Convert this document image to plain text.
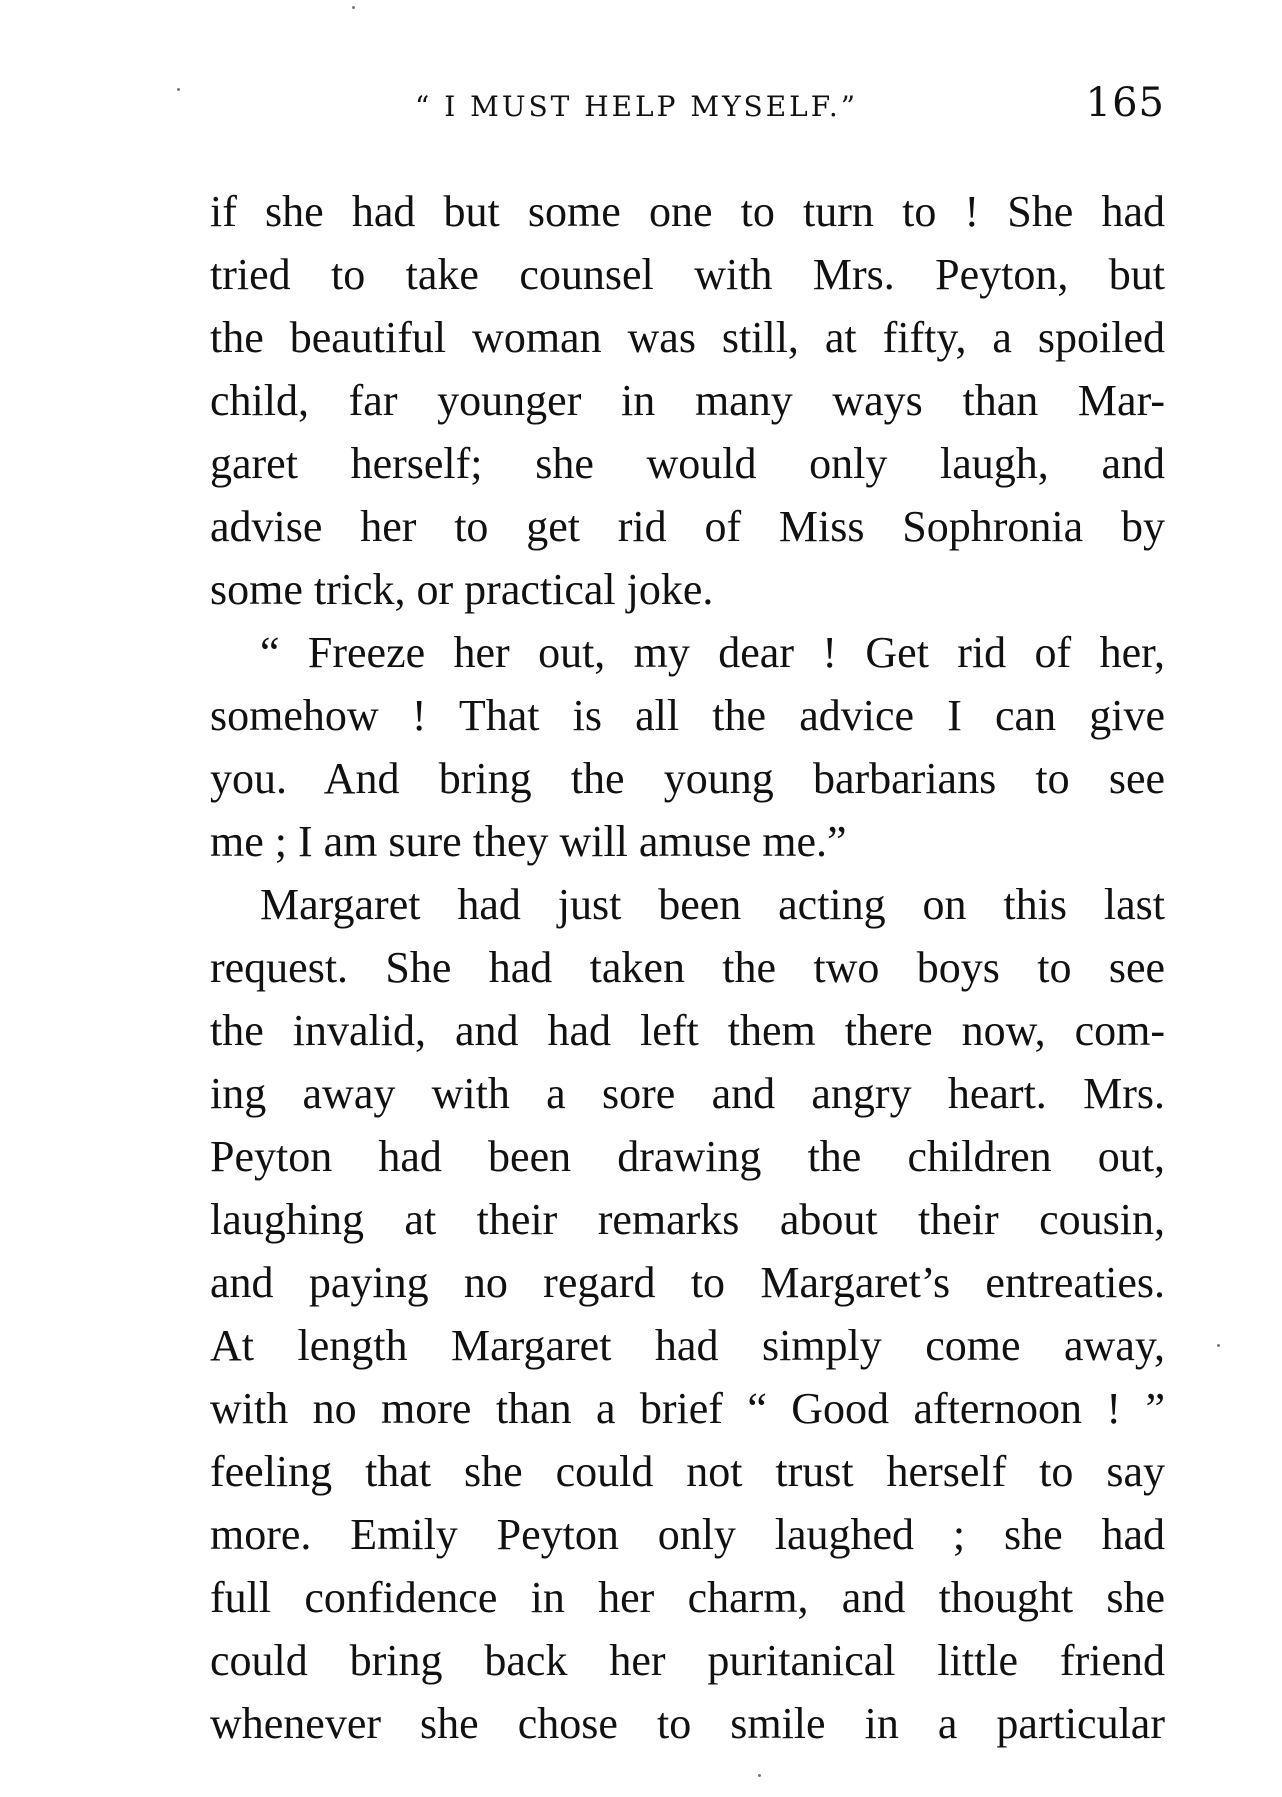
“ I MUST HELP MYSELF.”	165
if she had but some one to turn to ! She had
tried to take counsel with Mrs. Peyton, but
the beautiful woman was still, at fifty, a spoiled
child, far younger in many ways than Mar-
garet herself; she would only laugh, and
advise her to get rid of Miss Sophronia by
some trick, or practical joke.
“ Freeze her out, my dear ! Get rid of her,
somehow ! That is all the advice I can give
you. And bring the young barbarians to see
me ; I am sure they will amuse me.”
Margaret had just been acting on this last
request. She had taken the two boys to see
the invalid, and had left them there now, com-
ing away with a sore and angry heart. Mrs.
Peyton had been drawing the children out,
laughing at their remarks about their cousin,
and paying no regard to Margaret’s entreaties.
At length Margaret had simply come away,
with no more than a brief “ Good afternoon ! ”
feeling that she could not trust herself to say
more. Emily Peyton only laughed ; she had
full confidence in her charm, and thought she
could bring back her puritanical little friend
whenever she chose to smile in a particular
